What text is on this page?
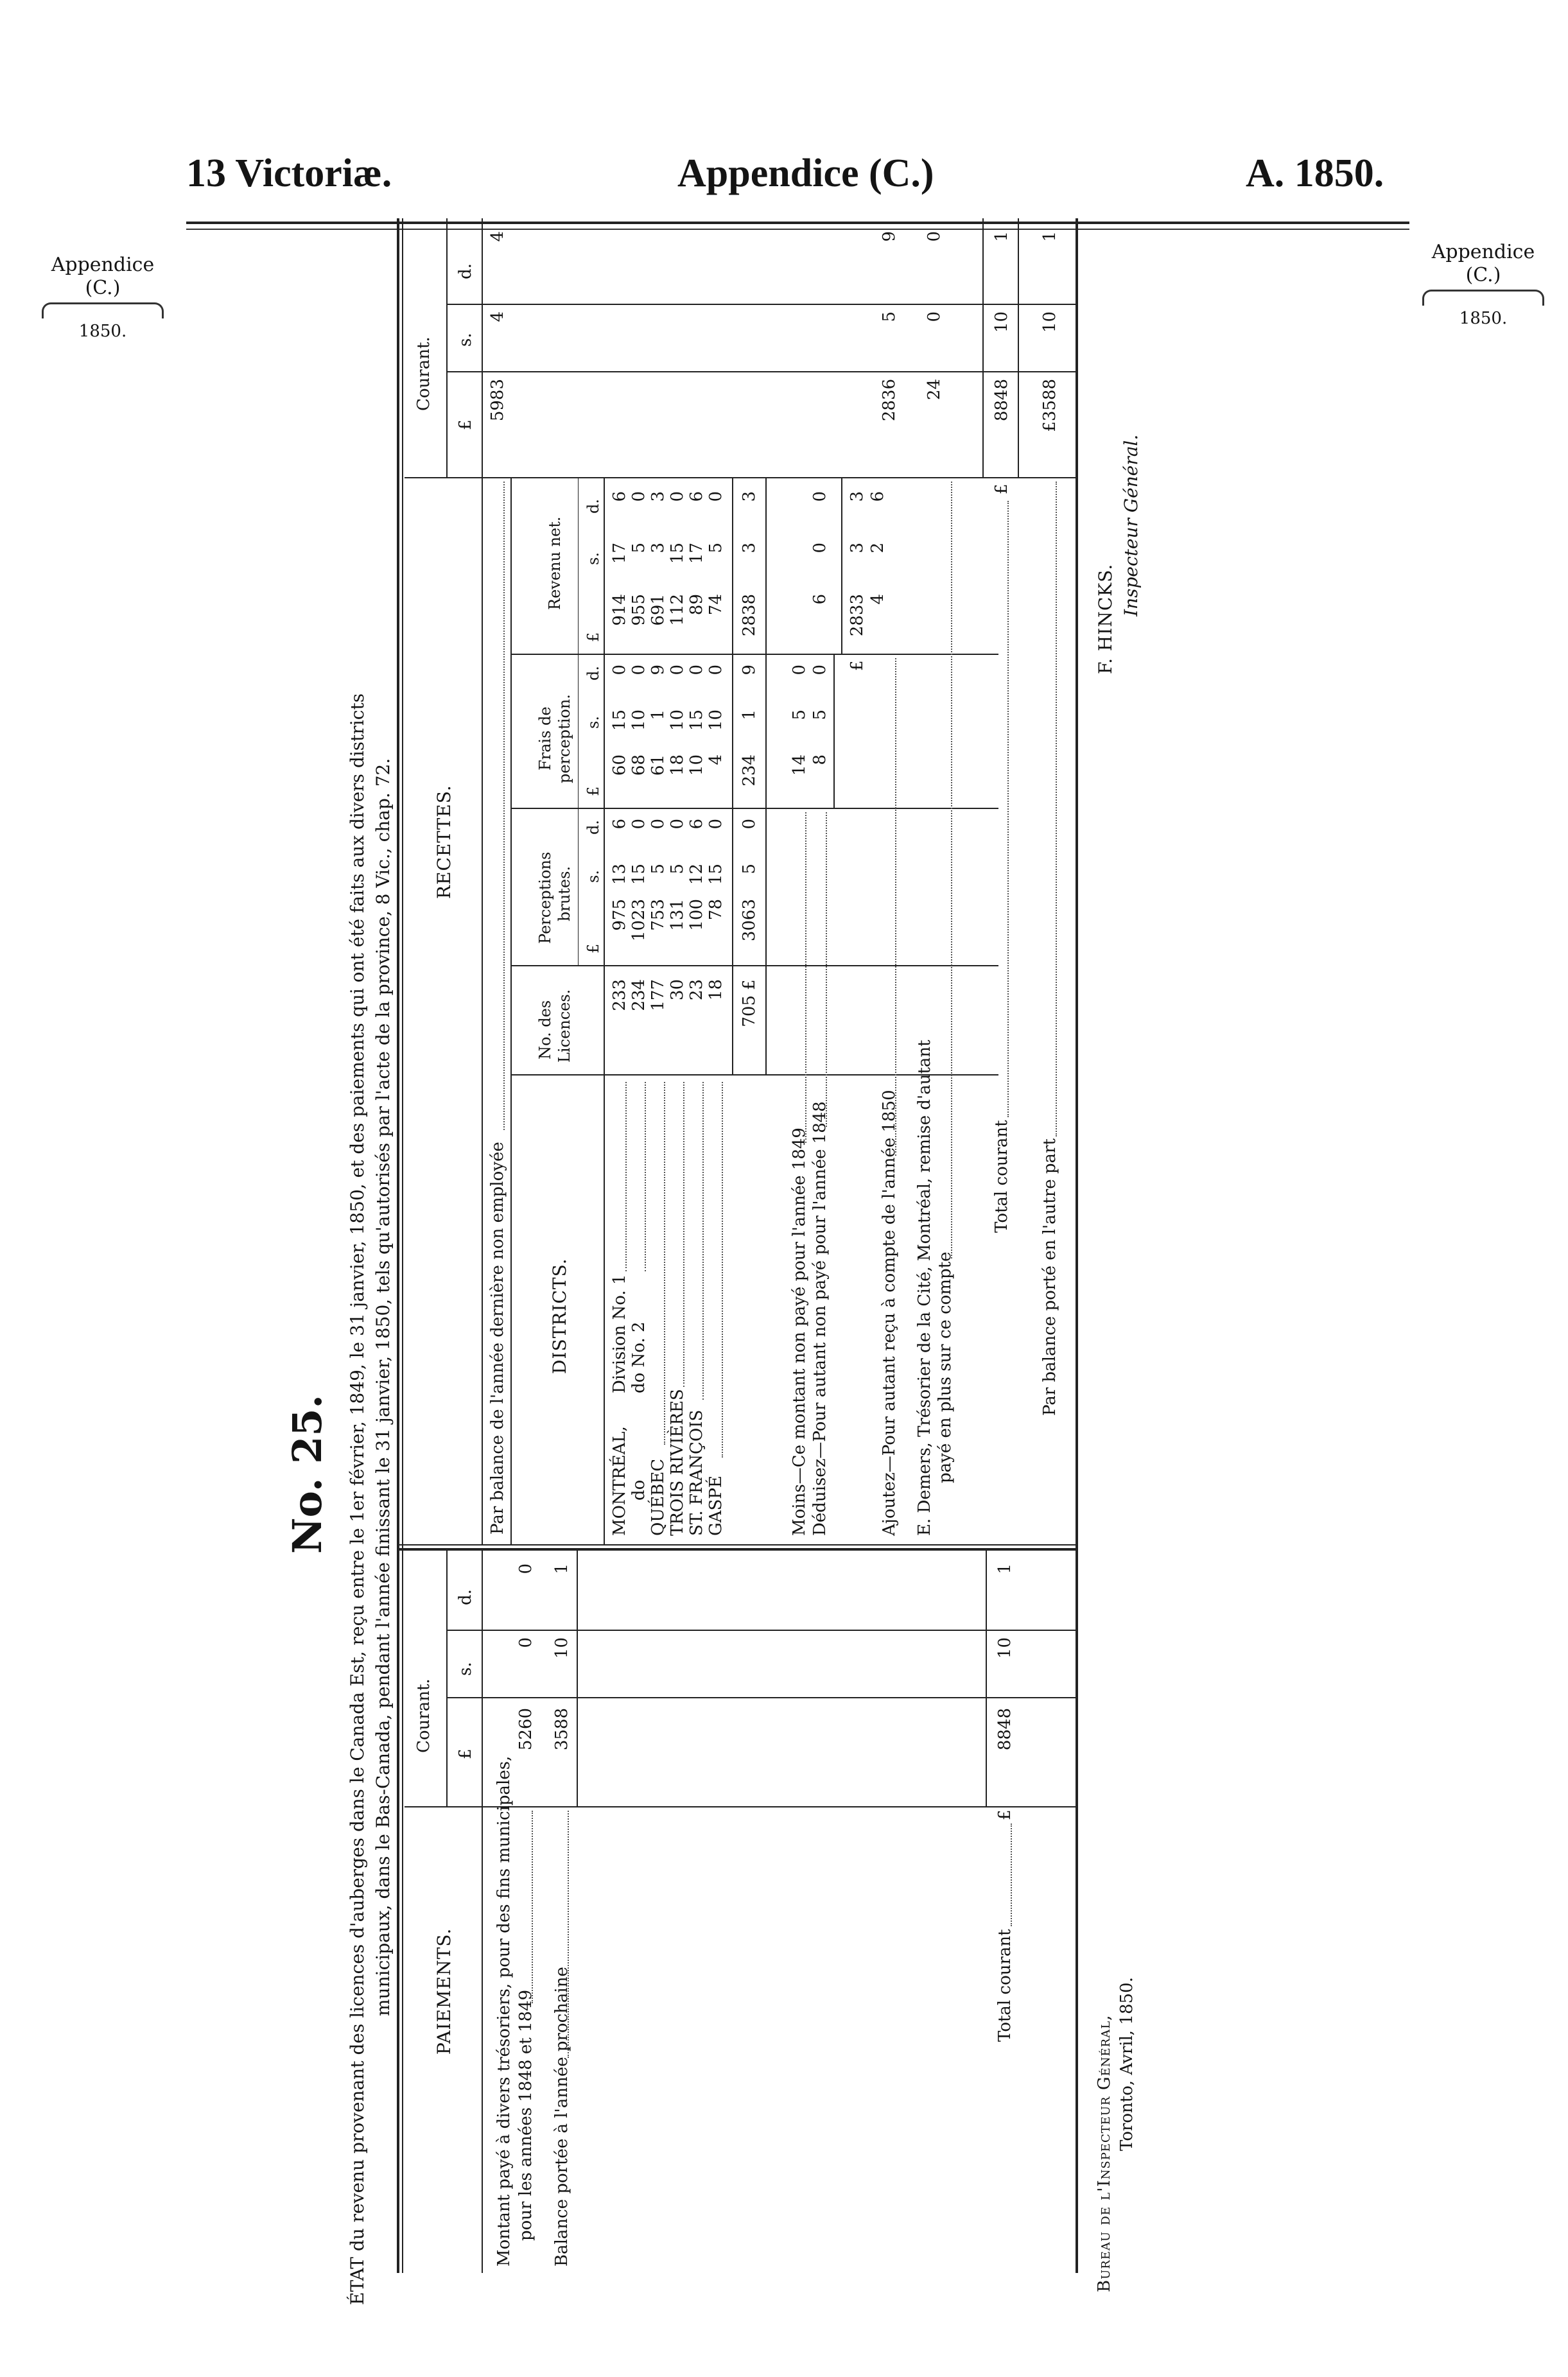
13 Victoriæ.	Appendice (C.)	A. 1850.
Appendice (C.)
1850.
Appendice (C.)
1850.
No. 25. ÉTAT du revenu provenant des licences d'auberges dans le Canada Est, reçu entre le 1er février, 1849, le 31 janvier, 1850, et des paiements qui ont été faits aux divers districts municipaux, dans le Bas-Canada, pendant l'année finissant le 31 janvier, 1850, tels qu'autorisés par l'acte de la province, 8 Vic., chap. 72. PAIEMENTS.
Courant.
£
s.
d.
Montant payé à divers trésoriers, pour des fins municipales, pour les années 1848 et 1849
5260
0
0
Balance portée à l'année prochaine
3588
10
1
Total courant
£
8848
10
1
RECETTES.
Courant.
£
s.
d.
Par balance de l'année dernière non employée
5983
4
4
DISTRICTS.
No. des Licences.
Perceptions brutes.
Frais de perception.
Revenu net.
£
s.
d.
£
s.
d.
£
s.
d.
MONTRÉAL, do QUÉBEC TROIS RIVIÈRES ST. FRANÇOIS GASPÉ
Division No. 1 do No. 2
233 234 177 30 23 18
975 1023 753 131 100 78
13 15 5 5 12 15
6 0 0 0 6 0
60 68 61 18 10 4
15 10 1 10 15 10
0 0 9 0 0 0
914 955 691 112 89 74
17 5 3 15 17 5
6 0 3 0 6 0
705
£
3063
5
0
234
1
9
2838
3
3
Moins—Ce montant non payé pour l'année 1849
14
5
0
Déduisez—Pour autant non payé pour l'année 1848
8
5
0
6
0
0
£
2833
3
3
Ajoutez—Pour autant reçu à compte de l'année 1850
4
2
6
2836
5
9
E. Demers, Trésorier de la Cité, Montréal, remise d'autant payé en plus sur ce compte
24
0
0
Total courant
£
8848
10
1
Par balance porté en l'autre part
£3588
10
1
F. HINCKS.
Inspecteur Général.
Bureau de l'Inspecteur Général, Toronto, Avril, 1850.
